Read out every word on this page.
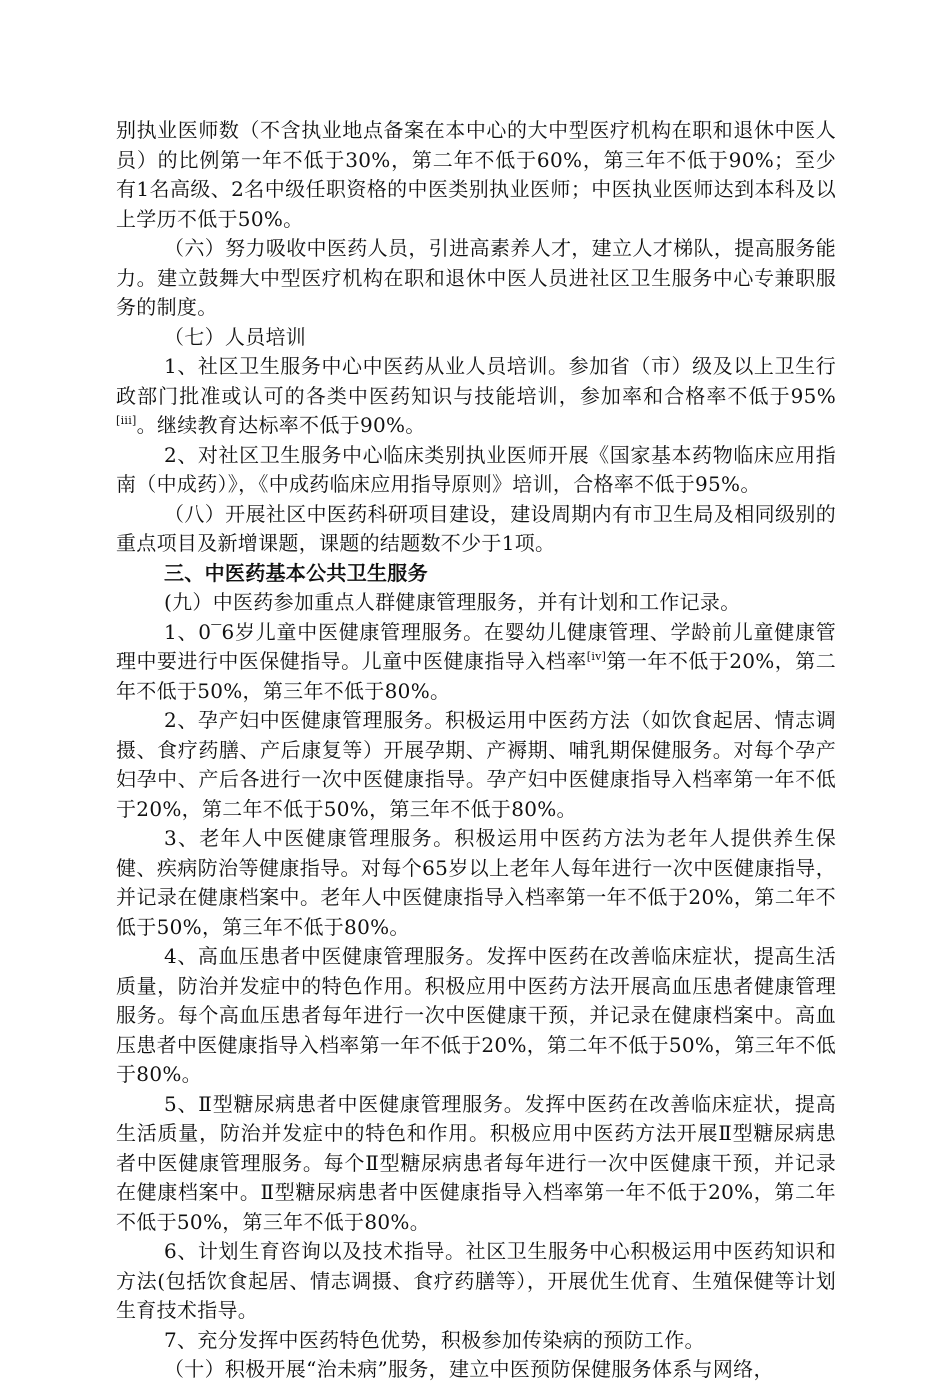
别执业医师数（不含执业地点备案在本中心的大中型医疗机构在职和退休中医人员）的比例第一年不低于30%，第二年不低于60%，第三年不低于90%；至少有1名高级、2名中级任职资格的中医类别执业医师；中医执业医师达到本科及以上学历不低于50%。

（六）努力吸收中医药人员，引进高素养人才，建立人才梯队，提高服务能力。建立鼓舞大中型医疗机构在职和退休中医人员进社区卫生服务中心专兼职服务的制度。

（七）人员培训

1、社区卫生服务中心中医药从业人员培训。参加省（市）级及以上卫生行政部门批准或认可的各类中医药知识与技能培训，参加率和合格率不低于95%[iii]。继续教育达标率不低于90%。

2、对社区卫生服务中心临床类别执业医师开展《国家基本药物临床应用指南（中成药）》，《中成药临床应用指导原则》培训，合格率不低于95%。

（八）开展社区中医药科研项目建设，建设周期内有市卫生局及相同级别的重点项目及新增课题，课题的结题数不少于1项。

三、中医药基本公共卫生服务

(九）中医药参加重点人群健康管理服务，并有计划和工作记录。

1、0‾6岁儿童中医健康管理服务。在婴幼儿健康管理、学龄前儿童健康管理中要进行中医保健指导。儿童中医健康指导入档率[iv]第一年不低于20%，第二年不低于50%，第三年不低于80%。

2、孕产妇中医健康管理服务。积极运用中医药方法（如饮食起居、情志调摄、食疗药膳、产后康复等）开展孕期、产褥期、哺乳期保健服务。对每个孕产妇孕中、产后各进行一次中医健康指导。孕产妇中医健康指导入档率第一年不低于20%，第二年不低于50%，第三年不低于80%。

3、老年人中医健康管理服务。积极运用中医药方法为老年人提供养生保健、疾病防治等健康指导。对每个65岁以上老年人每年进行一次中医健康指导，并记录在健康档案中。老年人中医健康指导入档率第一年不低于20%，第二年不低于50%，第三年不低于80%。

4、高血压患者中医健康管理服务。发挥中医药在改善临床症状，提高生活质量，防治并发症中的特色作用。积极应用中医药方法开展高血压患者健康管理服务。每个高血压患者每年进行一次中医健康干预，并记录在健康档案中。高血压患者中医健康指导入档率第一年不低于20%，第二年不低于50%，第三年不低于80%。

5、Ⅱ型糖尿病患者中医健康管理服务。发挥中医药在改善临床症状，提高生活质量，防治并发症中的特色和作用。积极应用中医药方法开展Ⅱ型糖尿病患者中医健康管理服务。每个Ⅱ型糖尿病患者每年进行一次中医健康干预，并记录在健康档案中。Ⅱ型糖尿病患者中医健康指导入档率第一年不低于20%，第二年不低于50%，第三年不低于80%。

6、计划生育咨询以及技术指导。社区卫生服务中心积极运用中医药知识和方法(包括饮食起居、情志调摄、食疗药膳等），开展优生优育、生殖保健等计划生育技术指导。

7、充分发挥中医药特色优势，积极参加传染病的预防工作。

（十）积极开展“治未病”服务，建立中医预防保健服务体系与网络，
